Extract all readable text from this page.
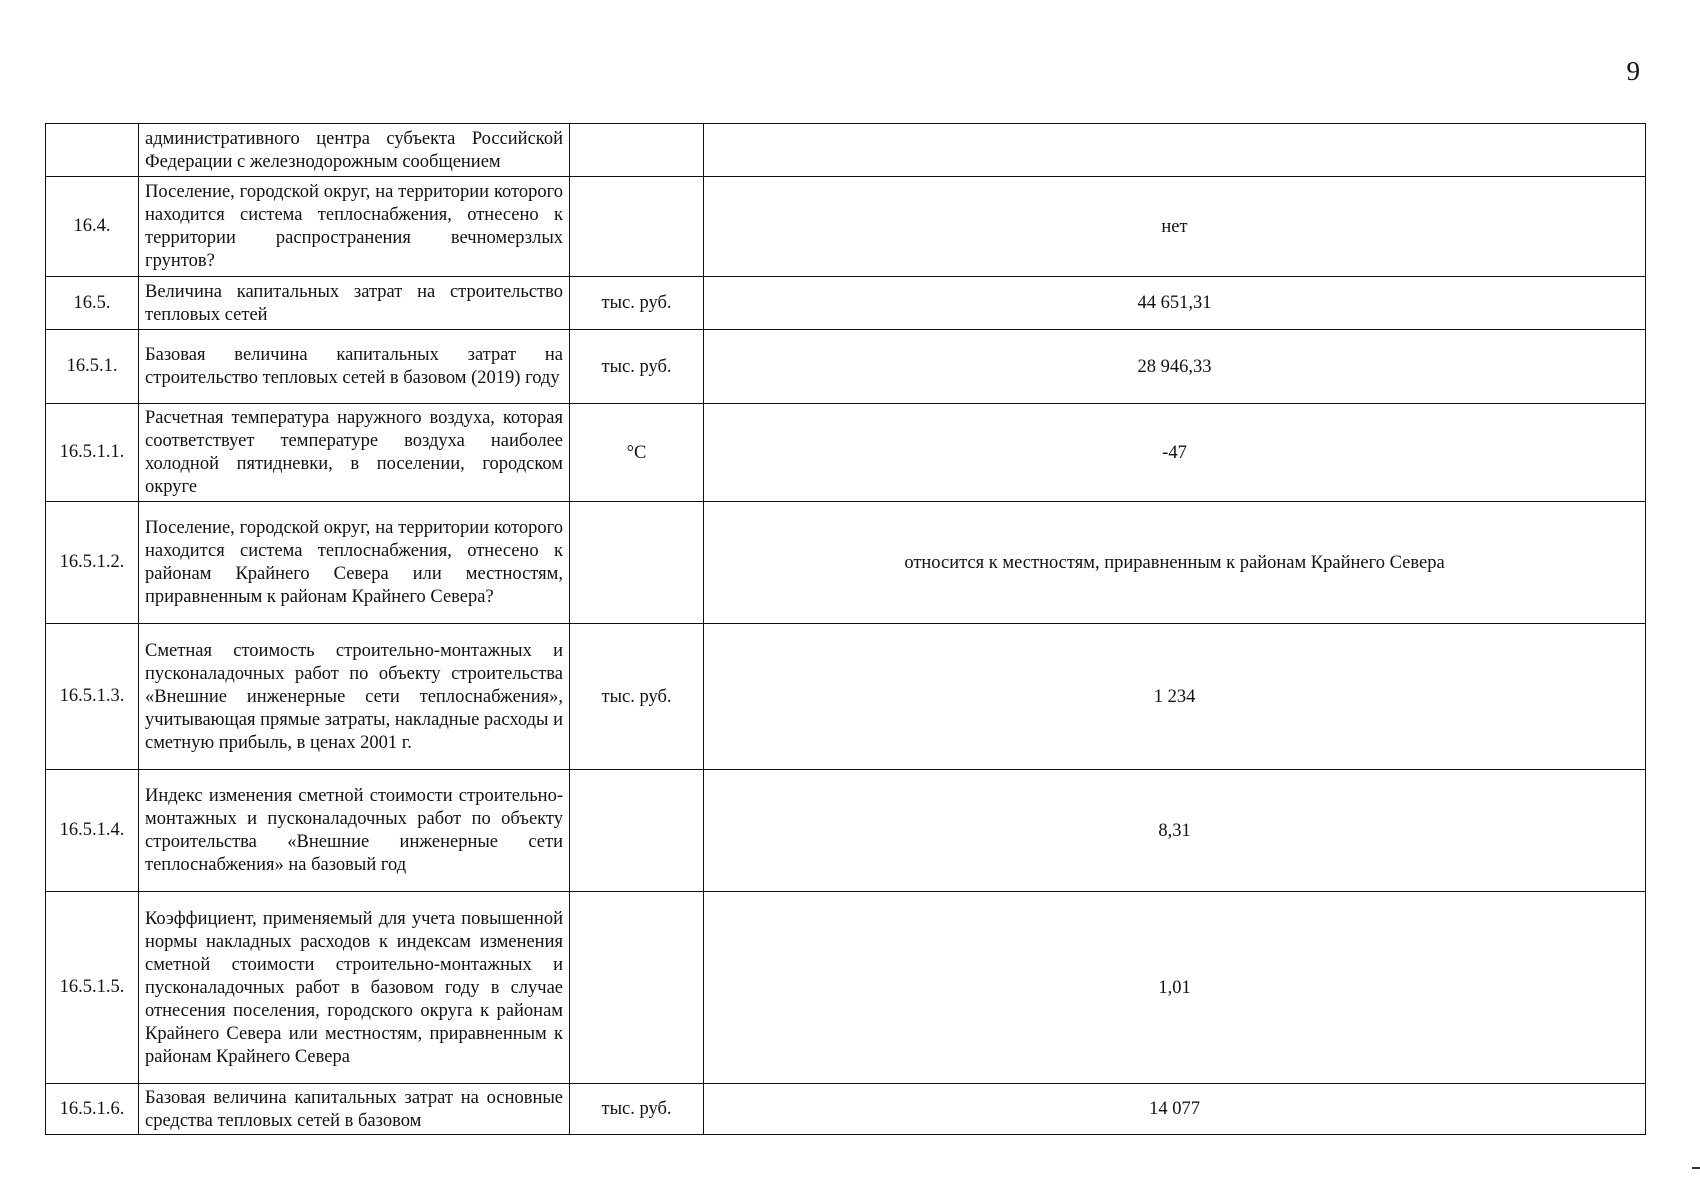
9
	административного центра субъекта Российской Федерации с железнодорожным сообщением		
16.4.	Поселение, городской округ, на территории которого находится система теплоснабжения, отнесено к территории распространения вечномерзлых грунтов?		нет
16.5.	Величина капитальных затрат на строительство тепловых сетей	тыс. руб.	44 651,31
16.5.1.	Базовая величина капитальных затрат на строительство тепловых сетей в базовом (2019) году	тыс. руб.	28 946,33
16.5.1.1.	Расчетная температура наружного воздуха, которая соответствует температуре воздуха наиболее холодной пятидневки, в поселении, городском округе	°С	-47
16.5.1.2.	Поселение, городской округ, на территории которого находится система теплоснабжения, отнесено к районам Крайнего Севера или местностям, приравненным к районам Крайнего Севера?		относится к местностям, приравненным к районам Крайнего Севера
16.5.1.3.	Сметная стоимость строительно-монтажных и пусконаладочных работ по объекту строительства «Внешние инженерные сети теплоснабжения», учитывающая прямые затраты, накладные расходы и сметную прибыль, в ценах 2001 г.	тыс. руб.	1 234
16.5.1.4.	Индекс изменения сметной стоимости строительно-монтажных и пусконаладочных работ по объекту строительства «Внешние инженерные сети теплоснабжения» на базовый год		8,31
16.5.1.5.	Коэффициент, применяемый для учета повышенной нормы накладных расходов к индексам изменения сметной стоимости строительно-монтажных и пусконаладочных работ в базовом году в случае отнесения поселения, городского округа к районам Крайнего Севера или местностям, приравненным к районам Крайнего Севера		1,01
16.5.1.6.	Базовая величина капитальных затрат на основные средства тепловых сетей в базовом	тыс. руб.	14 077
